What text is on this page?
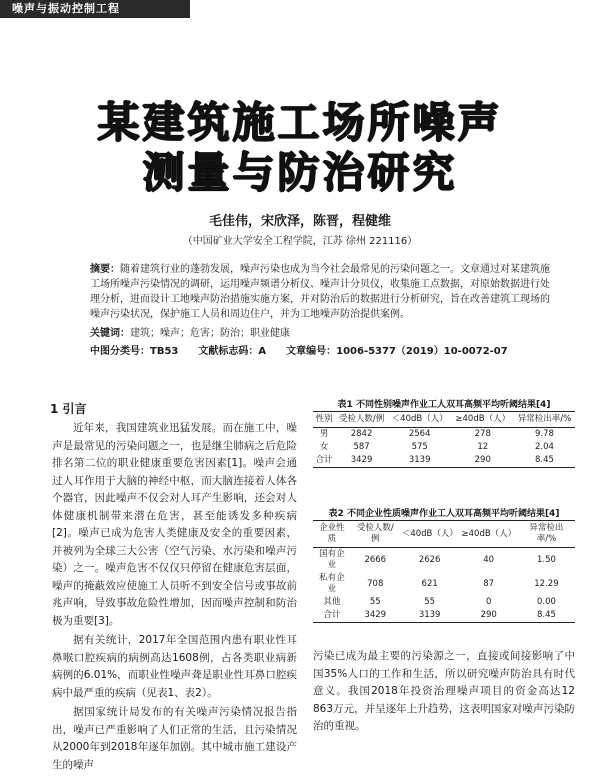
噪声与振动控制工程
某建筑施工场所噪声
测量与防治研究
毛佳伟，宋欣泽，陈晋，程健维
（中国矿业大学安全工程学院，江苏 徐州 221116）
摘要：随着建筑行业的蓬勃发展，噪声污染也成为当今社会最常见的污染问题之一。文章通过对某建筑施工场所噪声污染情况的调研，运用噪声频谱分析仪、噪声计分贝仪，收集施工点数据，对原始数据进行处理分析，进而设计工地噪声防治措施实施方案，并对防治后的数据进行分析研究，旨在改善建筑工现场的噪声污染状况，保护施工人员和周边住户，并为工地噪声防治提供案例。
关键词：建筑；噪声；危害；防治；职业健康
中图分类号：TB53 文献标志码：A 文章编号：1006-5377（2019）10-0072-07
1 引言

近年来，我国建筑业迅猛发展。而在施工中，噪声是最常见的污染问题之一，也是继尘肺病之后危险排名第二位的职业健康重要危害因素[1]。噪声会通过人耳作用于大脑的神经中枢，而大脑连接着人体各个器官，因此噪声不仅会对人耳产生影响，还会对人体健康机制带来潜在危害，甚至能诱发多种疾病[2]。噪声已成为危害人类健康及安全的重要因素，并被列为全球三大公害（空气污染、水污染和噪声污染）之一。噪声危害不仅仅只停留在健康危害层面，噪声的掩蔽效应使施工人员听不到安全信号或事故前兆声响，导致事故危险性增加，因而噪声控制和防治极为重要[3]。

据有关统计，2017年全国范围内患有职业性耳鼻喉口腔疾病的病例高达1608例，占各类职业病新病例的6.01%，而职业性噪声聋是职业性耳鼻口腔疾病中最严重的疾病（见表1、表2）。

据国家统计局发布的有关噪声污染情况报告指出，噪声已严重影响了人们正常的生活，且污染情况从2000年到2018年逐年加剧。其中城市施工建设产生的噪声

表1 不同性别噪声作业工人双耳高频平均听阈结果[4]
性别	受检人数/例	＜40dB（人）	≥40dB（人）	异常检出率/%
男	2842	2564	278	9.78
女	587	575	12	2.04
合计	3429	3139	290	8.45
表2 不同企业性质噪声作业工人双耳高频平均听阈结果[4]
企业性质	受检人数/例	＜40dB（人）	≥40dB（人）	异常检出率/%
国有企业	2666	2626	40	1.50
私有企业	708	621	87	12.29
其他	55	55	0	0.00
合计	3429	3139	290	8.45
污染已成为最主要的污染源之一，直接或间接影响了中国35%人口的工作和生活，所以研究噪声防治具有时代意义。我国2018年投资治理噪声项目的资金高达12 863万元，并呈逐年上升趋势，这表明国家对噪声污染防治的重视。
